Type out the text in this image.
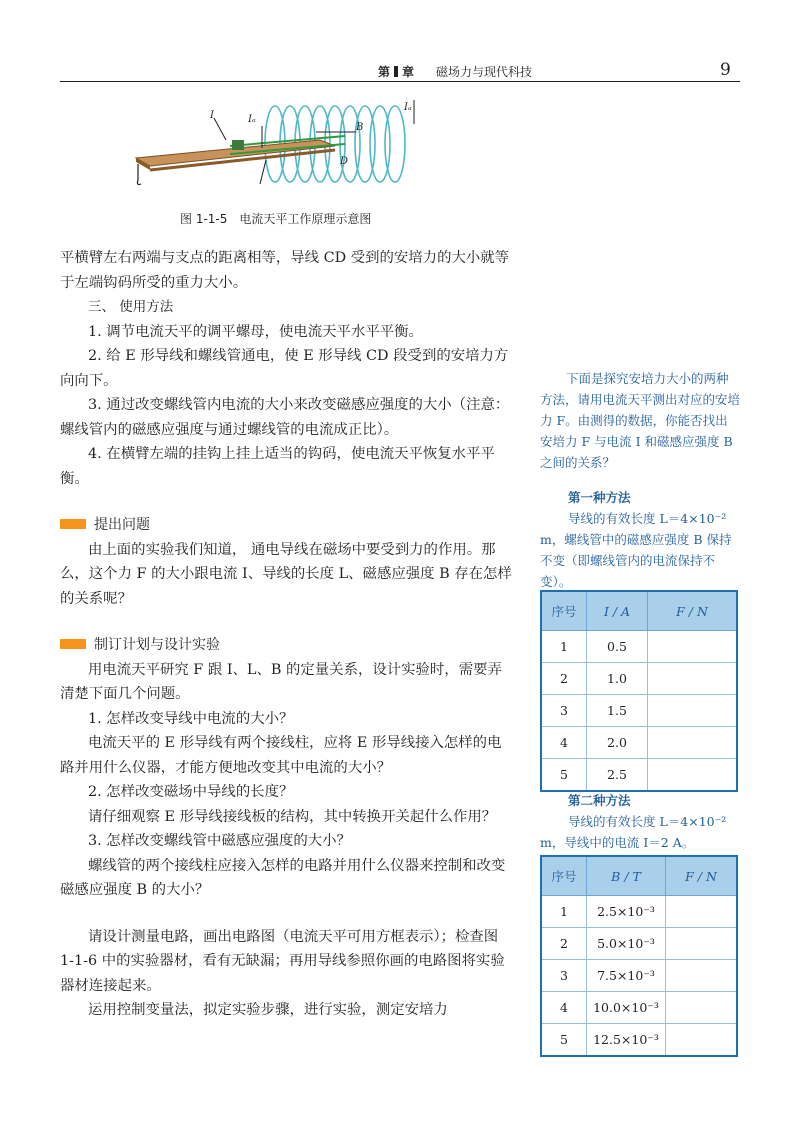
第 章 磁场力与现代科技	9
I	Iₐ
B
D
Iₐ
图 1-1-5 电流天平工作原理示意图

平横臂左右两端与支点的距离相等，导线 CD 受到的安培力的大小就等于左端钩码所受的重力大小。

三、 使用方法

1. 调节电流天平的调平螺母，使电流天平水平平衡。

2. 给 E 形导线和螺线管通电，使 E 形导线 CD 段受到的安培力方向向下。

3. 通过改变螺线管内电流的大小来改变磁感应强度的大小（注意：螺线管内的磁感应强度与通过螺线管的电流成正比）。

4. 在横臂左端的挂钩上挂上适当的钩码，使电流天平恢复水平平衡。

提出问题

由上面的实验我们知道， 通电导线在磁场中要受到力的作用。那么，这个力 F 的大小跟电流 I、导线的长度 L、磁感应强度 B 存在怎样的关系呢？

制订计划与设计实验

用电流天平研究 F 跟 I、L、B 的定量关系，设计实验时，需要弄清楚下面几个问题。

1. 怎样改变导线中电流的大小？

电流天平的 E 形导线有两个接线柱，应将 E 形导线接入怎样的电路并用什么仪器，才能方便地改变其中电流的大小？

2. 怎样改变磁场中导线的长度？

请仔细观察 E 形导线接线板的结构，其中转换开关起什么作用？

3. 怎样改变螺线管中磁感应强度的大小？

螺线管的两个接线柱应接入怎样的电路并用什么仪器来控制和改变磁感应强度 B 的大小？

请设计测量电路，画出电路图（电流天平可用方框表示）；检查图 1-1-6 中的实验器材，看有无缺漏；再用导线参照你画的电路图将实验器材连接起来。

运用控制变量法，拟定实验步骤，进行实验，测定安培力

下面是探究安培力大小的两种方法，请用电流天平测出对应的安培力 F。由测得的数据，你能否找出安培力 F 与电流 I 和磁感应强度 B 之间的关系？

第一种方法

导线的有效长度 L＝4×10⁻² m，螺线管中的磁感应强度 B 保持不变（即螺线管内的电流保持不变）。

序号	I / A	F / N
1	0.5	
2	1.0	
3	1.5	
4	2.0	
5	2.5	
第二种方法

导线的有效长度 L＝4×10⁻² m，导线中的电流 I＝2 A。

序号	B / T	F / N
1	2.5×10⁻³	
2	5.0×10⁻³	
3	7.5×10⁻³	
4	10.0×10⁻³	
5	12.5×10⁻³	
